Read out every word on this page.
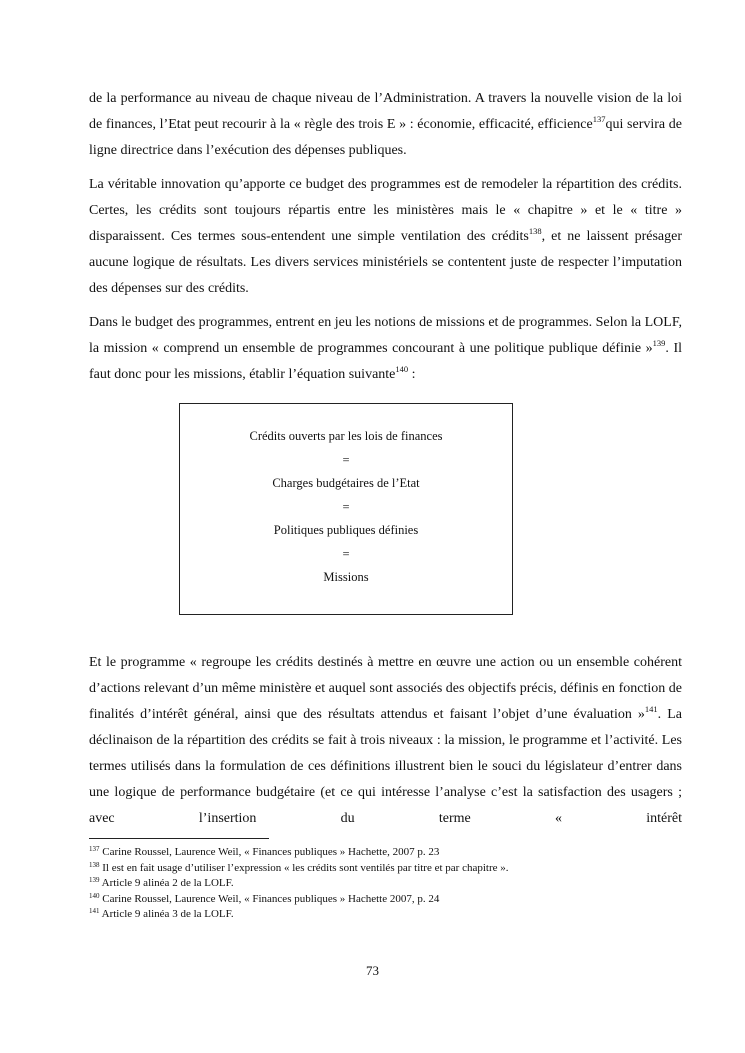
de la performance au niveau de chaque niveau de l’Administration. A travers la nouvelle vision de la loi de finances, l’Etat peut recourir à la « règle des trois E » : économie, efficacité, efficience$^{137}$qui servira de ligne directrice dans l’exécution des dépenses publiques.

La véritable innovation qu’apporte ce budget des programmes est de remodeler la répartition des crédits. Certes, les crédits sont toujours répartis entre les ministères mais le « chapitre » et le « titre » disparaissent. Ces termes sous-entendent une simple ventilation des crédits$^{138}$, et ne laissent présager aucune logique de résultats. Les divers services ministériels se contentent juste de respecter l’imputation des dépenses sur des crédits.

Dans le budget des programmes, entrent en jeu les notions de missions et de programmes. Selon la LOLF, la mission « comprend un ensemble de programmes concourant à une politique publique définie »$^{139}$. Il faut donc pour les missions, établir l’équation suivante$^{140}$ :

Crédits ouverts par les lois de finances
=
Charges budgétaires de l’Etat
=
Politiques publiques définies
=
Missions

Et le programme « regroupe les crédits destinés à mettre en œuvre une action ou un ensemble cohérent d’actions relevant d’un même ministère et auquel sont associés des objectifs précis, définis en fonction de finalités d’intérêt général, ainsi que des résultats attendus et faisant l’objet d’une évaluation »$^{141}$. La déclinaison de la répartition des crédits se fait à trois niveaux : la mission, le programme et l’activité. Les termes utilisés dans la formulation de ces définitions illustrent bien le souci du législateur d’entrer dans une logique de performance budgétaire (et ce qui intéresse l’analyse c’est la satisfaction des usagers ; avec l’insertion du terme « intérêt

$^{137}$ Carine Roussel, Laurence Weil, « Finances publiques » Hachette, 2007 p. 23
$^{138}$ Il est en fait usage d’utiliser l’expression « les crédits sont ventilés par titre et par chapitre ».
$^{139}$ Article 9 alinéa 2 de la LOLF.
$^{140}$ Carine Roussel, Laurence Weil, « Finances publiques » Hachette 2007, p. 24
$^{141}$ Article 9 alinéa 3 de la LOLF.
73
